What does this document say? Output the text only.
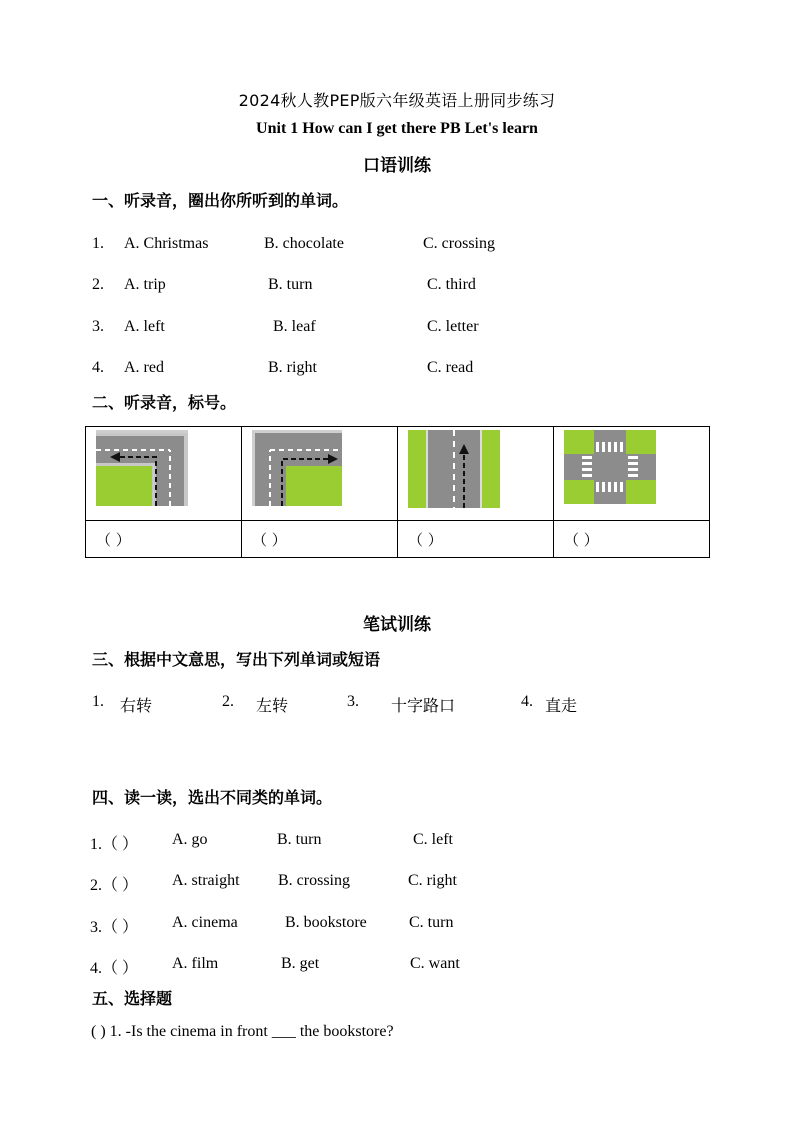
2024秋人教PEP版六年级英语上册同步练习
Unit 1 How can I get there PB Let's learn
口语训练
一、听录音，圈出你所听到的单词。
1. A. Christmas	B. chocolate	C. crossing
2. A. trip	B. turn	C. third
3. A. left	B. leaf	C. letter
4. A. red	B. right	C. read
二、听录音，标号。

（ ）	（ ）	（ ）	（ ）
笔试训练
三、根据中文意思，写出下列单词或短语
1. 右转	2. 左转	3. 十字路口	4. 直走
四、读一读，选出不同类的单词。
1.（ ） A. go	B. turn	C. left
2.（ ） A. straight B. crossing	C. right
3.（ ） A. cinema	B. bookstore	C. turn
4.（ ） A. film	B. get	C. want
五、选择题
( ) 1. -Is the cinema in front ___ the bookstore?
